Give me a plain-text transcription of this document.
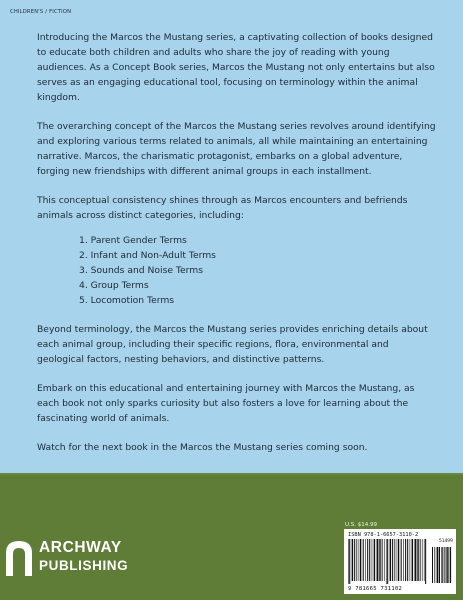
CHILDREN'S / FICTION

Introducing the Marcos the Mustang series, a captivating collection of books designed to educate both children and adults who share the joy of reading with young audiences. As a Concept Book series, Marcos the Mustang not only entertains but also serves as an engaging educational tool, focusing on terminology within the animal kingdom.

The overarching concept of the Marcos the Mustang series revolves around identifying and exploring various terms related to animals, all while maintaining an entertaining narrative. Marcos, the charismatic protagonist, embarks on a global adventure, forging new friendships with different animal groups in each installment.

This conceptual consistency shines through as Marcos encounters and befriends animals across distinct categories, including:

1. Parent Gender Terms
2. Infant and Non-Adult Terms
3. Sounds and Noise Terms
4. Group Terms
5. Locomotion Terms

Beyond terminology, the Marcos the Mustang series provides enriching details about each animal group, including their specific regions, flora, environmental and geological factors, nesting behaviors, and distinctive patterns.

Embark on this educational and entertaining journey with Marcos the Mustang, as each book not only sparks curiosity but also fosters a love for learning about the fascinating world of animals.

Watch for the next book in the Marcos the Mustang series coming soon.

ARCHWAY
PUBLISHING
U.S. $14.99
ISBN 978-1-6657-3110-2
51499
9 781665 731102
